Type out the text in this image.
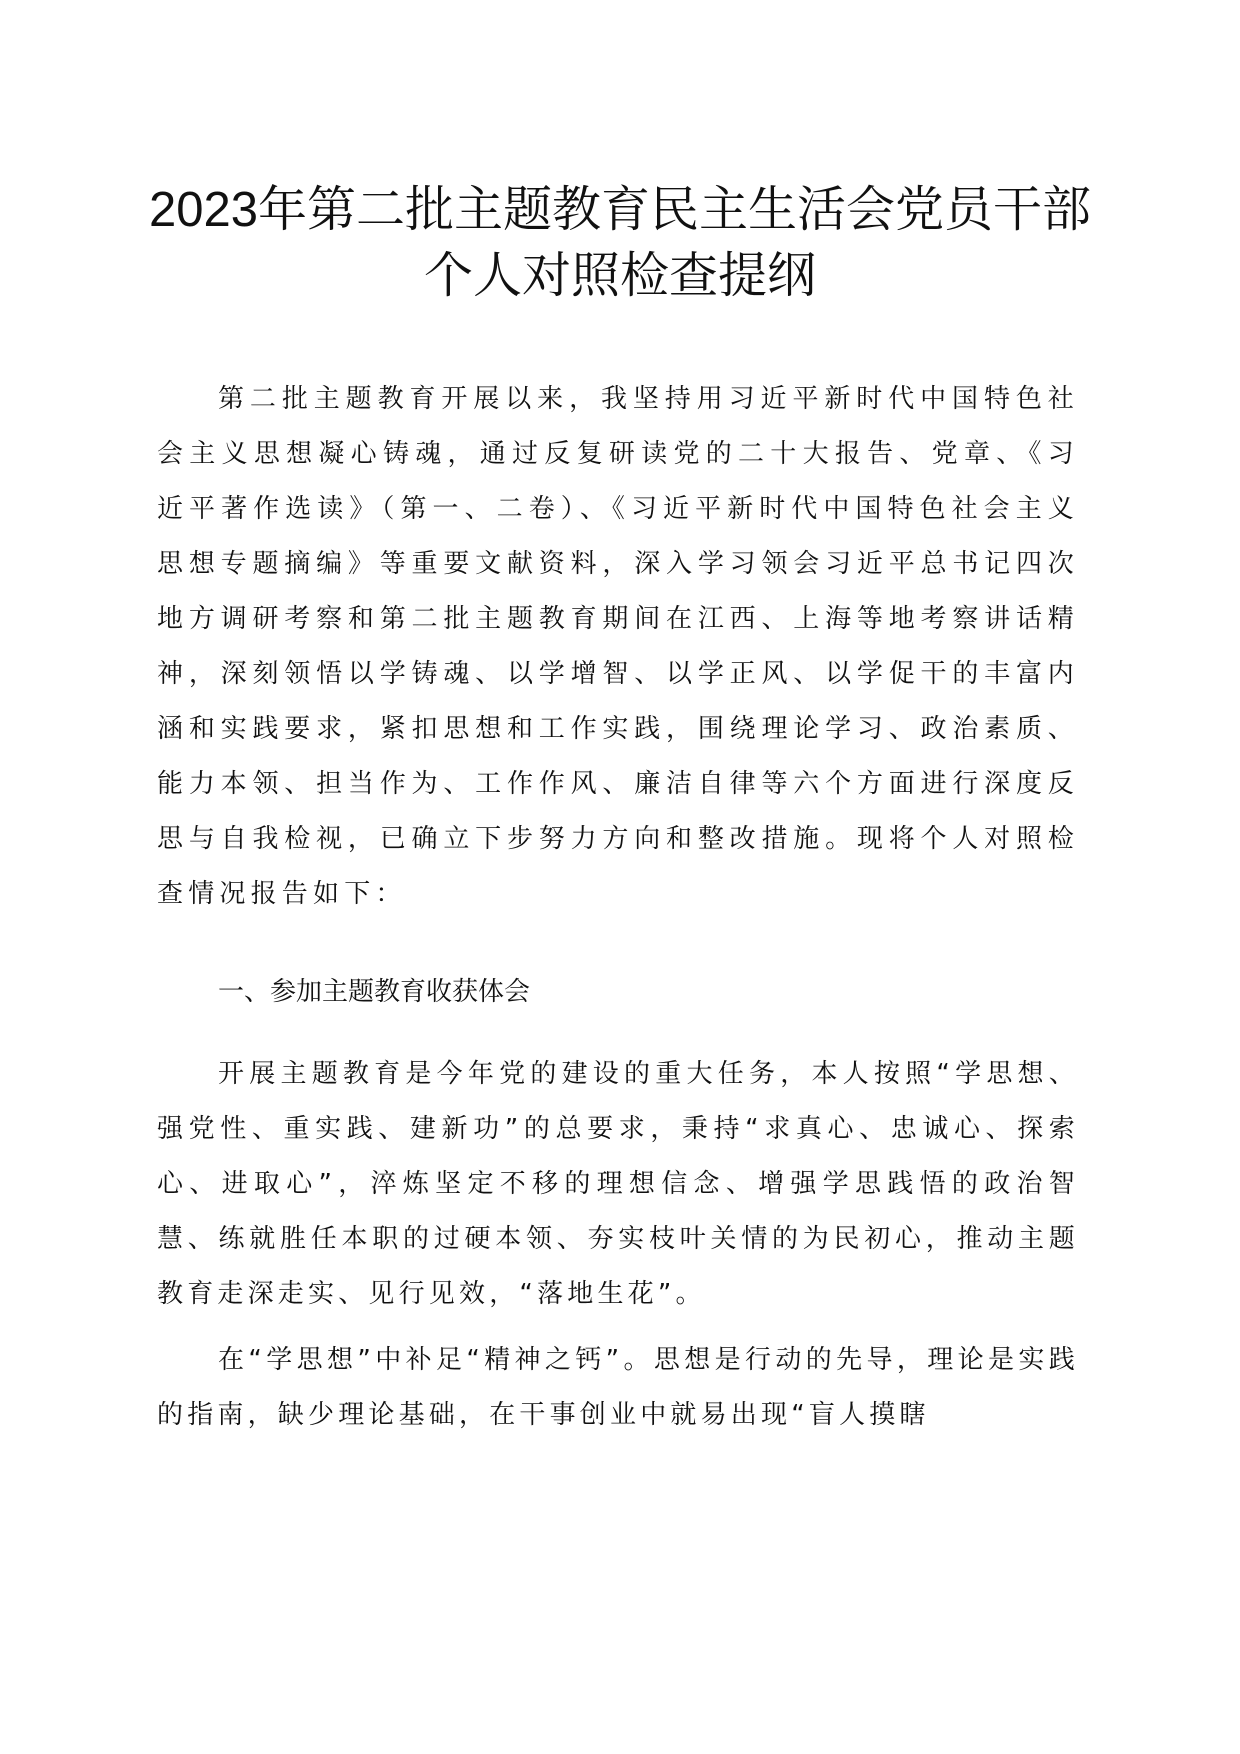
2023年第二批主题教育民主生活会党员干部
个人对照检查提纲

第二批主题教育开展以来，我坚持用习近平新时代中国特色社会主义思想凝心铸魂，通过反复研读党的二十大报告、党章、《习近平著作选读》（第一、二卷）、《习近平新时代中国特色社会主义思想专题摘编》等重要文献资料，深入学习领会习近平总书记四次地方调研考察和第二批主题教育期间在江西、上海等地考察讲话精神，深刻领悟以学铸魂、以学增智、以学正风、以学促干的丰富内涵和实践要求，紧扣思想和工作实践，围绕理论学习、政治素质、能力本领、担当作为、工作作风、廉洁自律等六个方面进行深度反思与自我检视，已确立下步努力方向和整改措施。现将个人对照检查情况报告如下：

一、参加主题教育收获体会

开展主题教育是今年党的建设的重大任务，本人按照“学思想、强党性、重实践、建新功”的总要求，秉持“求真心、忠诚心、探索心、进取心”，淬炼坚定不移的理想信念、增强学思践悟的政治智慧、练就胜任本职的过硬本领、夯实枝叶关情的为民初心，推动主题教育走深走实、见行见效，“落地生花”。

在“学思想”中补足“精神之钙”。思想是行动的先导，理论是实践的指南，缺少理论基础，在干事创业中就易出现“盲人摸瞎
